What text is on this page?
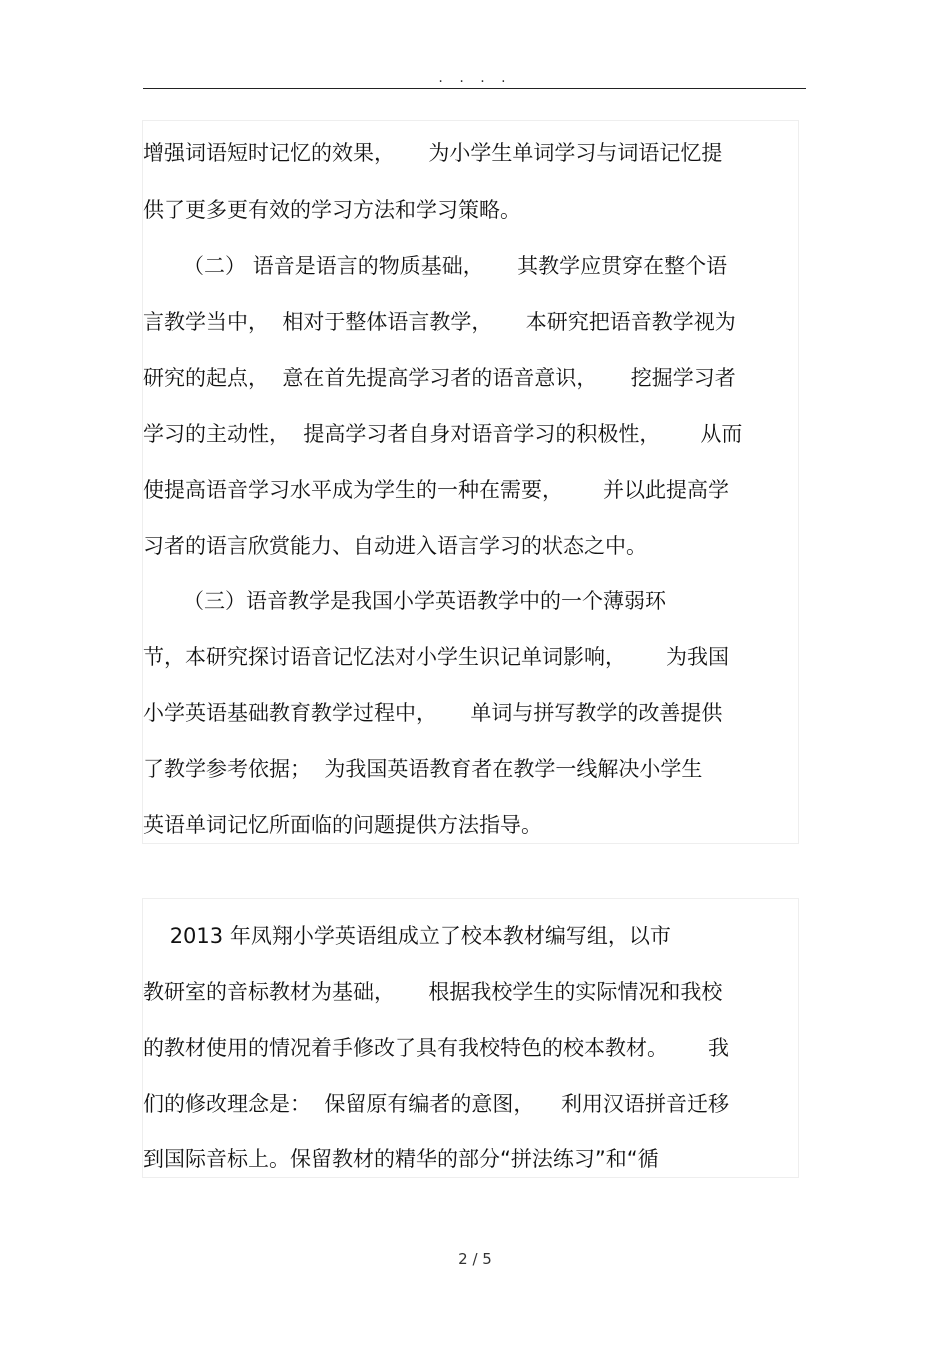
. . . .
增强词语短时记忆的效果，     为小学生单词学习与词语记忆提
供了更多更有效的学习方法和学习策略。
（二） 语音是语言的物质基础，     其教学应贯穿在整个语
言教学当中，  相对于整体语言教学，     本研究把语音教学视为
研究的起点，  意在首先提高学习者的语音意识，     挖掘学习者
学习的主动性，  提高学习者自身对语音学习的积极性，      从而
使提高语音学习水平成为学生的一种在需要，      并以此提高学
习者的语言欣赏能力、自动进入语言学习的状态之中。
（三）语音教学是我国小学英语教学中的一个薄弱环
节，本研究探讨语音记忆法对小学生识记单词影响，      为我国
小学英语基础教育教学过程中，     单词与拼写教学的改善提供
了教学参考依据；  为我国英语教育者在教学一线解决小学生
英语单词记忆所面临的问题提供方法指导。
2013 年凤翔小学英语组成立了校本教材编写组，以市
教研室的音标教材为基础，     根据我校学生的实际情况和我校
的教材使用的情况着手修改了具有我校特色的校本教材。      我
们的修改理念是：  保留原有编者的意图，    利用汉语拼音迁移
到国际音标上。保留教材的精华的部分“拼法练习”和“循
2 / 5
